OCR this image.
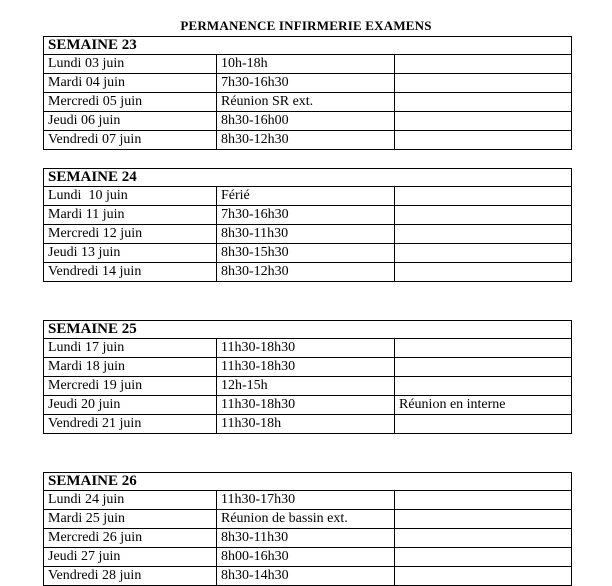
PERMANENCE INFIRMERIE EXAMENS
SEMAINE 23		
Lundi 03 juin	10h-18h	
Mardi 04 juin	7h30-16h30	
Mercredi 05 juin	Réunion SR ext.	
Jeudi 06 juin	8h30-16h00	
Vendredi 07 juin	8h30-12h30	
SEMAINE 24		
Lundi  10 juin	Férié	
Mardi 11 juin	7h30-16h30	
Mercredi 12 juin	8h30-11h30	
Jeudi 13 juin	8h30-15h30	
Vendredi 14 juin	8h30-12h30	
SEMAINE 25		
Lundi 17 juin	11h30-18h30	
Mardi 18 juin	11h30-18h30	
Mercredi 19 juin	12h-15h	
Jeudi 20 juin	11h30-18h30	Réunion en interne
Vendredi 21 juin	11h30-18h	
SEMAINE 26		
Lundi 24 juin	11h30-17h30	
Mardi 25 juin	Réunion de bassin ext.	
Mercredi 26 juin	8h30-11h30	
Jeudi 27 juin	8h00-16h30	
Vendredi 28 juin	8h30-14h30	
